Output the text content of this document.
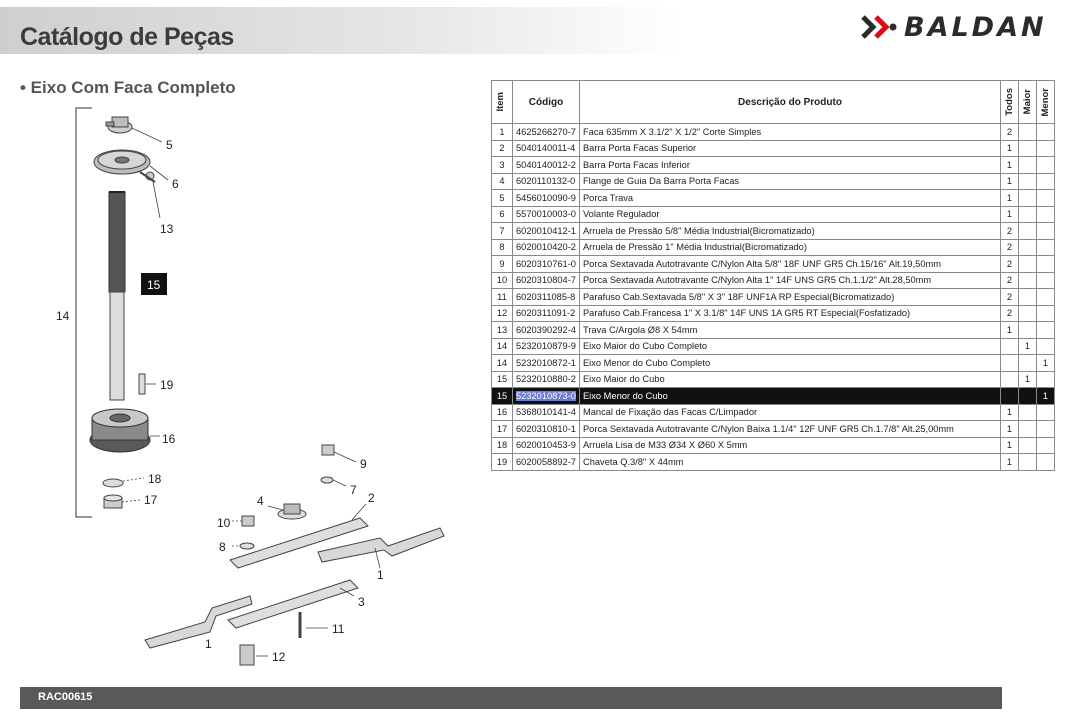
Catálogo de Peças	BALDAN
• Eixo Com Faca Completo
5
6
13
15
14
19
16
18
17
9
7
2
4
10
8
1
3
11
1
12
Item	Código	Descrição do Produto	Todos	Maior	Menor

1	4625266270-7	Faca 635mm X 3.1/2" X 1/2" Corte Simples	2		
2	5040140011-4	Barra Porta Facas Superior	1		
3	5040140012-2	Barra Porta Facas Inferior	1		
4	6020110132-0	Flange de Guia Da Barra Porta Facas	1		
5	5456010090-9	Porca Trava	1		
6	5570010003-0	Volante Regulador	1		
7	6020010412-1	Arruela de Pressão 5/8" Média Industrial(Bicromatizado)	2		
8	6020010420-2	Arruela de Pressão 1" Média Industrial(Bicromatizado)	2		
9	6020310761-0	Porca Sextavada Autotravante C/Nylon Alta 5/8" 18F UNF GR5 Ch.15/16" Alt.19,50mm	2		
10	6020310804-7	Porca Sextavada Autotravante C/Nylon Alta 1" 14F UNS GR5 Ch.1.1/2" Alt.28,50mm	2		
11	6020311085-8	Parafuso Cab.Sextavada 5/8" X 3" 18F UNF1A RP Especial(Bicromatizado)	2		
12	6020311091-2	Parafuso Cab.Francesa 1" X 3.1/8" 14F UNS 1A GR5 RT Especial(Fosfatizado)	2		
13	6020390292-4	Trava C/Argola Ø8 X 54mm	1		
14	5232010879-9	Eixo Maior do Cubo Completo		1	
14	5232010872-1	Eixo Menor do Cubo Completo			1
15	5232010880-2	Eixo Maior do Cubo		1	
15	5232010873-0	Eixo Menor do Cubo			1
16	5368010141-4	Mancal de Fixação das Facas C/Limpador	1		
17	6020310810-1	Porca Sextavada Autotravante C/Nylon Baixa 1.1/4" 12F UNF GR5 Ch.1.7/8" Alt.25,00mm	1		
18	6020010453-9	Arruela Lisa de M33 Ø34 X Ø60 X 5mm	1		
19	6020058892-7	Chaveta Q.3/8" X 44mm	1		
RAC00615
